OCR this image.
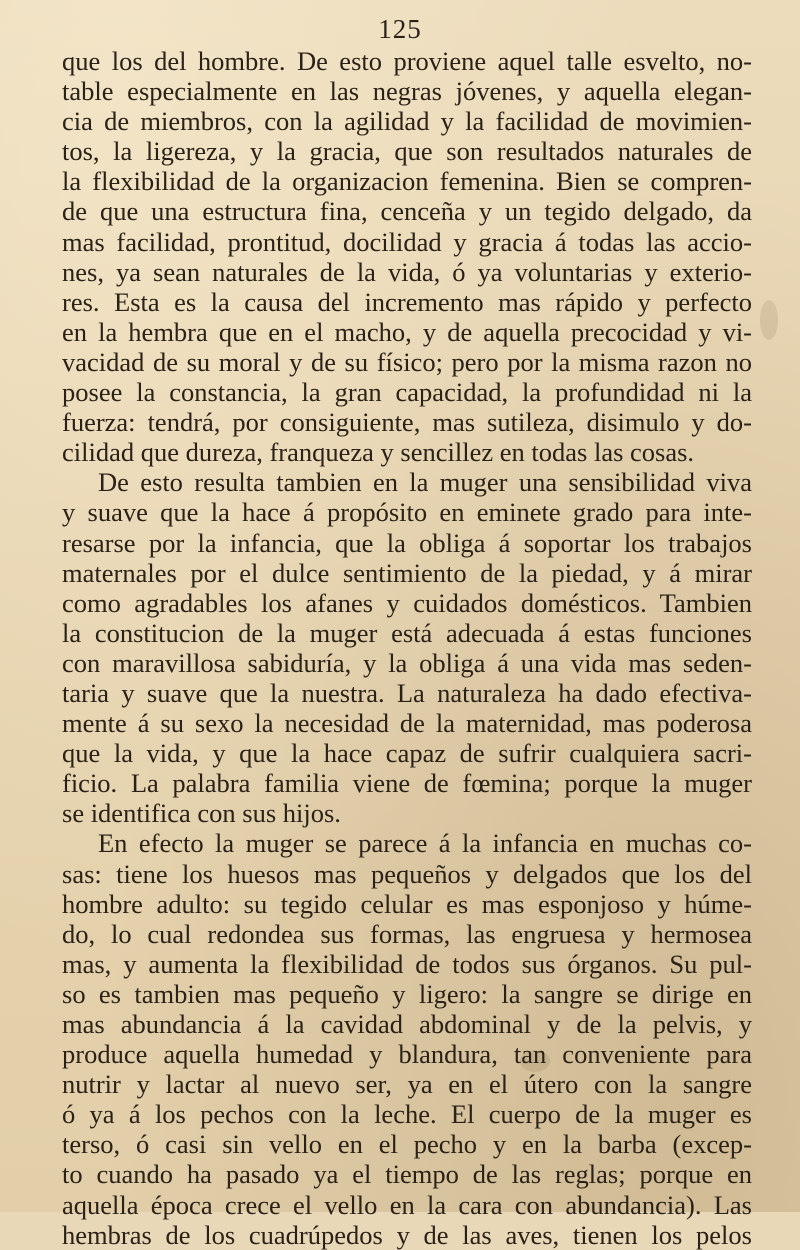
125
que los del hombre. De esto proviene aquel talle esvelto, no-
table especialmente en las negras jóvenes, y aquella elegan-
cia de miembros, con la agilidad y la facilidad de movimien-
tos, la ligereza, y la gracia, que son resultados naturales de
la flexibilidad de la organizacion femenina. Bien se compren-
de que una estructura fina, cenceña y un tegido delgado, da
mas facilidad, prontitud, docilidad y gracia á todas las accio-
nes, ya sean naturales de la vida, ó ya voluntarias y exterio-
res. Esta es la causa del incremento mas rápido y perfecto
en la hembra que en el macho, y de aquella precocidad y vi-
vacidad de su moral y de su físico; pero por la misma razon no
posee la constancia, la gran capacidad, la profundidad ni la
fuerza: tendrá, por consiguiente, mas sutileza, disimulo y do-
cilidad que dureza, franqueza y sencillez en todas las cosas.
De esto resulta tambien en la muger una sensibilidad viva
y suave que la hace á propósito en eminete grado para inte-
resarse por la infancia, que la obliga á soportar los trabajos
maternales por el dulce sentimiento de la piedad, y á mirar
como agradables los afanes y cuidados domésticos. Tambien
la constitucion de la muger está adecuada á estas funciones
con maravillosa sabiduría, y la obliga á una vida mas seden-
taria y suave que la nuestra. La naturaleza ha dado efectiva-
mente á su sexo la necesidad de la maternidad, mas poderosa
que la vida, y que la hace capaz de sufrir cualquiera sacri-
ficio. La palabra familia viene de fœmina; porque la muger
se identifica con sus hijos.
En efecto la muger se parece á la infancia en muchas co-
sas: tiene los huesos mas pequeños y delgados que los del
hombre adulto: su tegido celular es mas esponjoso y húme-
do, lo cual redondea sus formas, las engruesa y hermosea
mas, y aumenta la flexibilidad de todos sus órganos. Su pul-
so es tambien mas pequeño y ligero: la sangre se dirige en
mas abundancia á la cavidad abdominal y de la pelvis, y
produce aquella humedad y blandura, tan conveniente para
nutrir y lactar al nuevo ser, ya en el útero con la sangre
ó ya á los pechos con la leche. El cuerpo de la muger es
terso, ó casi sin vello en el pecho y en la barba (excep-
to cuando ha pasado ya el tiempo de las reglas; porque en
aquella época crece el vello en la cara con abundancia). Las
hembras de los cuadrúpedos y de las aves, tienen los pelos
